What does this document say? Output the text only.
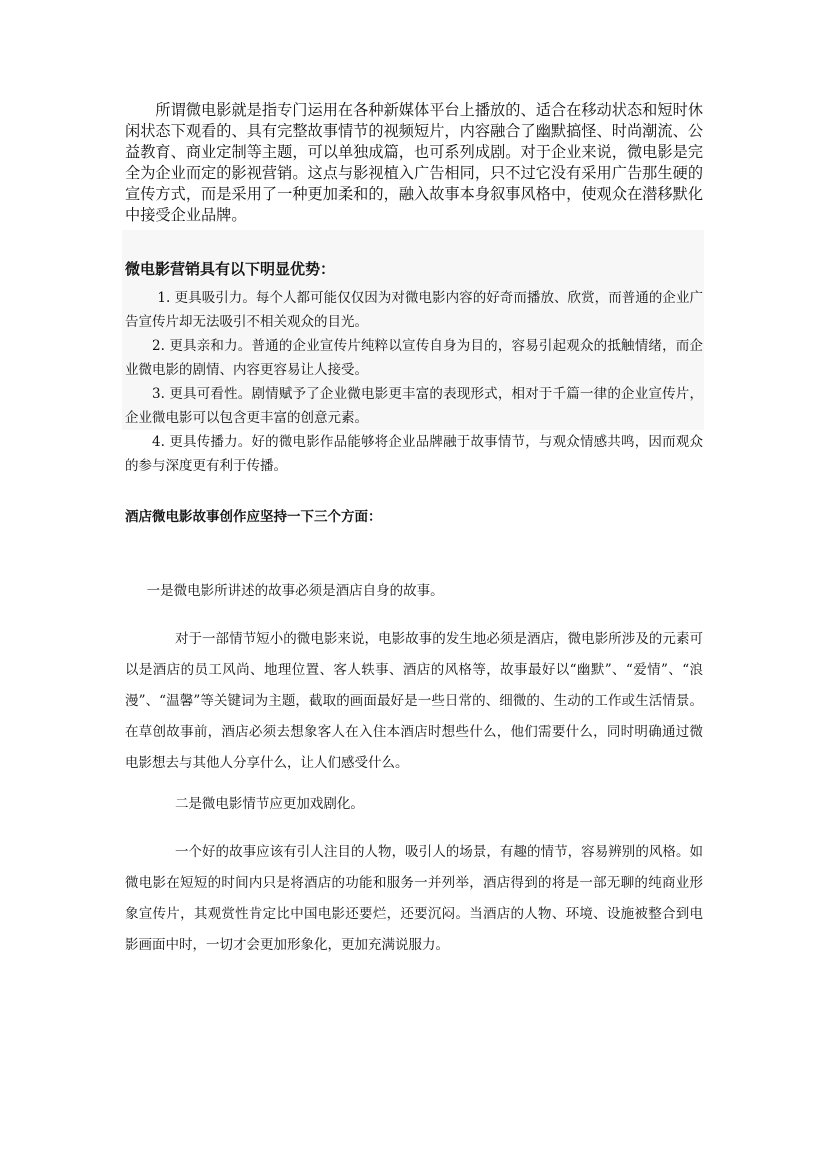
所谓微电影就是指专门运用在各种新媒体平台上播放的、适合在移动状态和短时休闲状态下观看的、具有完整故事情节的视频短片，内容融合了幽默搞怪、时尚潮流、公益教育、商业定制等主题，可以单独成篇，也可系列成剧。对于企业来说，微电影是完全为企业而定的影视营销。这点与影视植入广告相同，只不过它没有采用广告那生硬的宣传方式，而是采用了一种更加柔和的，融入故事本身叙事风格中，使观众在潜移默化中接受企业品牌。

微电影营销具有以下明显优势：

1. 更具吸引力。每个人都可能仅仅因为对微电影内容的好奇而播放、欣赏，而普通的企业广告宣传片却无法吸引不相关观众的目光。

2. 更具亲和力。普通的企业宣传片纯粹以宣传自身为目的，容易引起观众的抵触情绪，而企业微电影的剧情、内容更容易让人接受。

3. 更具可看性。剧情赋予了企业微电影更丰富的表现形式，相对于千篇一律的企业宣传片，企业微电影可以包含更丰富的创意元素。

4. 更具传播力。好的微电影作品能够将企业品牌融于故事情节，与观众情感共鸣，因而观众的参与深度更有利于传播。

酒店微电影故事创作应坚持一下三个方面：

一是微电影所讲述的故事必须是酒店自身的故事。

对于一部情节短小的微电影来说，电影故事的发生地必须是酒店，微电影所涉及的元素可以是酒店的员工风尚、地理位置、客人轶事、酒店的风格等，故事最好以“幽默”、“爱情”、“浪漫”、“温馨”等关键词为主题，截取的画面最好是一些日常的、细微的、生动的工作或生活情景。在草创故事前，酒店必须去想象客人在入住本酒店时想些什么，他们需要什么，同时明确通过微电影想去与其他人分享什么，让人们感受什么。

二是微电影情节应更加戏剧化。

一个好的故事应该有引人注目的人物，吸引人的场景，有趣的情节，容易辨别的风格。如微电影在短短的时间内只是将酒店的功能和服务一并列举，酒店得到的将是一部无聊的纯商业形象宣传片，其观赏性肯定比中国电影还要烂，还要沉闷。当酒店的人物、环境、设施被整合到电影画面中时，一切才会更加形象化，更加充满说服力。
